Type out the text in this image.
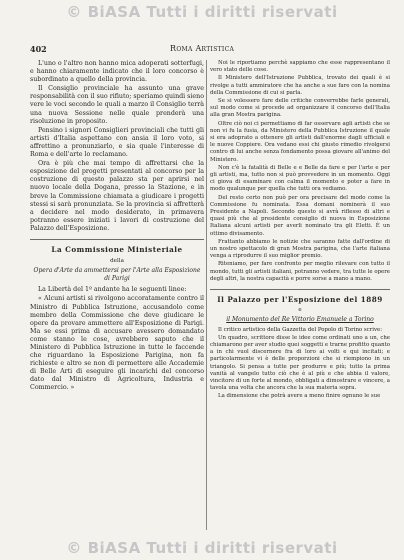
© BiASA Tutti i diritti riservati
402	Roma Artistica

L'uno o l'altro non hanno mica adoperati sotterfugi, e hanno chiaramente indicato che il loro concorso è subordinato a quello della provincia.

Il Consiglio provinciale ha assunto una grave responsabilità con il suo rifiuto; speriamo quindi sieno vere le voci secondo le quali a marzo il Consiglio terrà una nuova Sessione nelle quale prenderà una risoluzione in proposito.

Pensino i signori Consiglieri provinciali che tutti gli artisti d'Italia aspettano con ansia il loro voto, si affrettino a pronunziarlo, e sia quale l'interesse di Roma e dell'arte lo reclamano.

Ora è più che mai tempo di affrettarsi che la esposizione del progetti presentati al concorso per la costruzione di questo palazzo sta per aprirsi nel nuovo locale della Dogana, presso la Stazione, e in breve la Commissione chiamata a giudicare i progetti stessi si sarà pronunziata. Se la provincia si affretterà a decidere nel modo desiderato, in primavera potranno essere iniziati i lavori di costruzione del Palazzo dell'Esposizione.

La Commissione Ministeriale
della
Opera d'Arte da ammettersi per l'Arte alla Esposizione di Parigi

La Libertà del 1º andante ha le seguenti linee:

« Alcuni artisti si rivolgono accoratamente contro il Ministro di Pubblica Istruzione, accusandolo come membro della Commissione che deve giudicare le opere da provare ammettere all'Esposizione di Parigi. Ma se essi prima di accusare avessero domandato come stanno le cose, avrebbero saputo che il Ministero di Pubblica Istruzione in tutte le faccende che riguardano la Esposizione Parigina, non fa richieste e altro se non di permettere alle Accademie di Belle Arti di eseguire gli incarichi del concorso dato dal Ministro di Agricoltura, Industria e Commercio. »

Noi le riportiamo perchè sappiamo che esse rappresentano il vero stato delle cose.

Il Ministero dell'Istruzione Pubblica, trovato dei quali è si rivolge a tutti ammiratore che ha anche a sue fare con la nomina della Commissione di cui si parla.

Se si volessero fare delle critiche converrebbe farle generali, sul modo come si procede ad organizzare il concorso dell'Italia alla gran Mostra parigina.

Oltre ciò noi ci permettiamo di far osservare agli artisti che se non vi fu la fusia, da Ministero della Pubblica Istruzione il quale si era adoprato a ottenere gli artisti dall'enorme dagli ufficiali e le nuove Coppiere. Ora vedano essi chi giusto rimedio rivolgersi contro di lui anche senza fondamento possa giovare all'animo del Ministero.

Non c'è la fatalità di Belle e e Belle da fare e per l'arte e per gli artisti, ma, tutto non si può provvedere in un momento. Oggi ci giova di esaminare con calma il momento e poter a fare in modo qualunque per quella che tutti ora vediamo.

Del resto certo non può per ora precisare del modo come la Commissione fu nominata. Essa domani nominerà il suo Presidente a Napoli. Secondo questo si avrà riflesso di altri e quasi più che al presidente consiglio di nuova in Esposizione Italiana alcuni artisti per averli nominato tra gli Eletti. È un ottimo divisamento.

Frattanto abbiamo le notizie che saranno fatte dall'ordine di un nostro spettacolo di gran Mostra parigina, che l'arte italiana venga a riprodurre il suo miglior premio.

Riteniamo, per fare confronto per meglio rilevare con tutto il mondo, tutti gli artisti italiani, potranno vedere, tra tutte le opere degli altri, la nostra capacità e porre sorse a mano a mano.

Il Palazzo per l'Esposizione del 1889
e
il Monumento del Re Vittorio Emanuele a Torino

Il critico artistico della Gazzetta del Popolo di Torino scrive:

Un quadro, scrittore disse le idee come ordinati uno a un, che chiamarono per aver studio quei soggetti e trarne profitto quanto a in chi vuol discernere fra di loro ai volti e qui incitati; e particolarmente vi è delle proporzioni che si riempiono in un triangolo. Si pensa a tutte per produrre e più; tutto la prima vanità al vangelo tutto ciò che è al più e che abbia il valore, vincitore di un forte al mondo, obbligati a dimostrare e vincere, a tavola una volta che ancora che la sua materia sopra.

La dimensione che potrà avere a meno finire ognuno le sue

© BiASA Tutti i diritti riservati
